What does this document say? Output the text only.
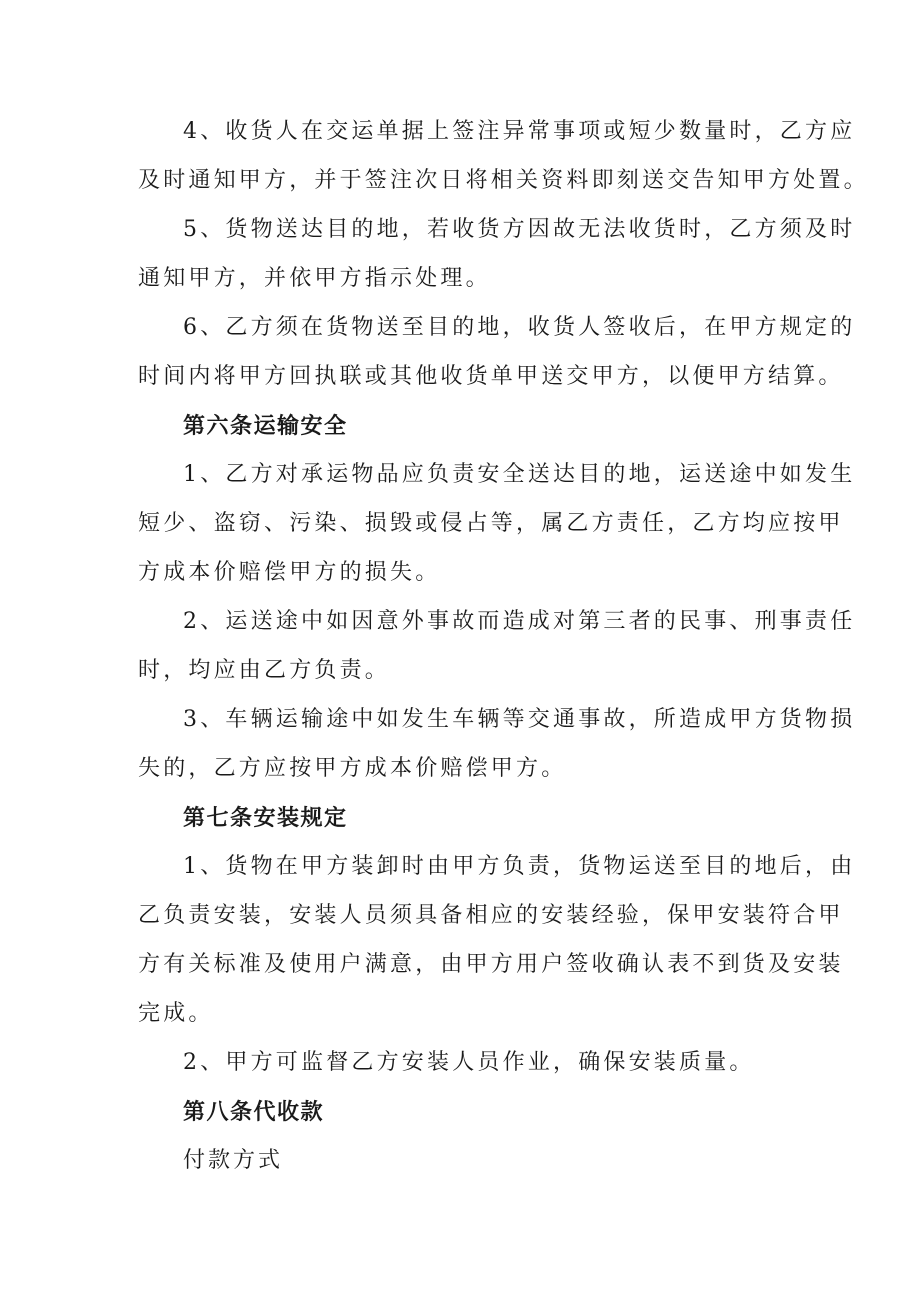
4、收货人在交运单据上签注异常事项或短少数量时，乙方应
及时通知甲方，并于签注次日将相关资料即刻送交告知甲方处置。
5、货物送达目的地，若收货方因故无法收货时，乙方须及时
通知甲方，并依甲方指示处理。
6、乙方须在货物送至目的地，收货人签收后，在甲方规定的
时间内将甲方回执联或其他收货单甲送交甲方，以便甲方结算。
第六条运输安全
1、乙方对承运物品应负责安全送达目的地，运送途中如发生
短少、盗窃、污染、损毁或侵占等，属乙方责任，乙方均应按甲
方成本价赔偿甲方的损失。
2、运送途中如因意外事故而造成对第三者的民事、刑事责任
时，均应由乙方负责。
3、车辆运输途中如发生车辆等交通事故，所造成甲方货物损
失的，乙方应按甲方成本价赔偿甲方。
第七条安装规定
1、货物在甲方装卸时由甲方负责，货物运送至目的地后，由
乙负责安装，安装人员须具备相应的安装经验，保甲安装符合甲
方有关标准及使用户满意，由甲方用户签收确认表不到货及安装
完成。
2、甲方可监督乙方安装人员作业，确保安装质量。
第八条代收款
付款方式
